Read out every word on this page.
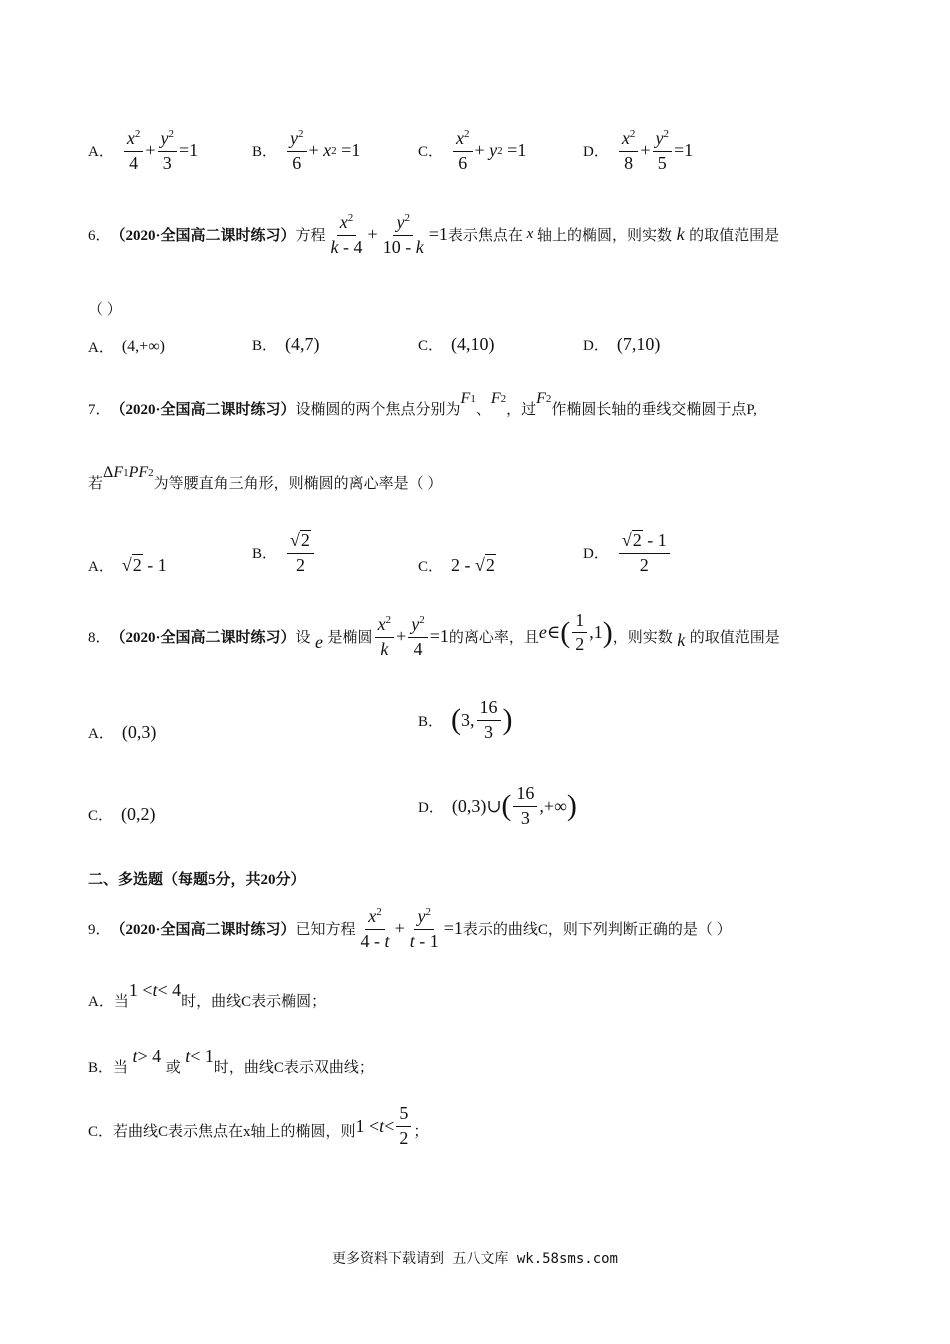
A． $\frac{x^2}{4} + \frac{y^2}{3} =1$	B． $\frac{y^2}{6} + x$ 2 =1	C． $\frac{x^2}{6} + y$ 2 =1	D． $\frac{x^2}{8} + \frac{y^2}{5} =1$
6． （2020·全国高二课时练习） 方程 $\frac{x^2}{k - 4} + \frac{y^2}{10 - k} =1$ 表示焦点在 x 轴上的椭圆，则实数 k 的取值范围是
（ ）
A． (4,+∞)	B． (4,7)	C． (4,10)	D． (7,10)
7． （2020·全国高二课时练习） 设椭圆的两个焦点分别为
F 1
、
F 2
，过
F 2
作椭圆长轴的垂线交椭圆于点P,
若
Δ F 1 PF 2
为等腰直角三角形，则椭圆的离心率是（ ）
A． √ 2 - 1
B． $\frac{√ 2}{2}$	C． 2 - √ 2
D． $\frac{√ 2 - 1}{2}$
8． （2020·全国高二课时练习） 设 e 是椭圆 $\frac{x^2}{k} + \frac{y^2}{4} =1$ 的离心率，且 e ∈ ( $\frac{1}{2} ,1$ ) ，则实数 k 的取值范围是
A． (0,3)
B． ( 3, $\frac{16}{3}$ )
C． (0,2)	D． (0,3)∪ ( $\frac{16}{3}$ ,+∞ )
二、多选题（每题5分，共20分）
9． （2020·全国高二课时练习） 已知方程 $\frac{x^2}{4 - t} + \frac{y^2}{t - 1} =1$ 表示的曲线C，则下列判断正确的是（ ）
A．当
1 < t < 4
时，曲线C表示椭圆；
B．当

t > 4
或

t < 1
时，曲线C表示双曲线；
C．若曲线C表示焦点在x轴上的椭圆，则 $1 < t < \frac{5}{2}$ ；
更多资料下载请到 五八文库 wk.58sms.com
